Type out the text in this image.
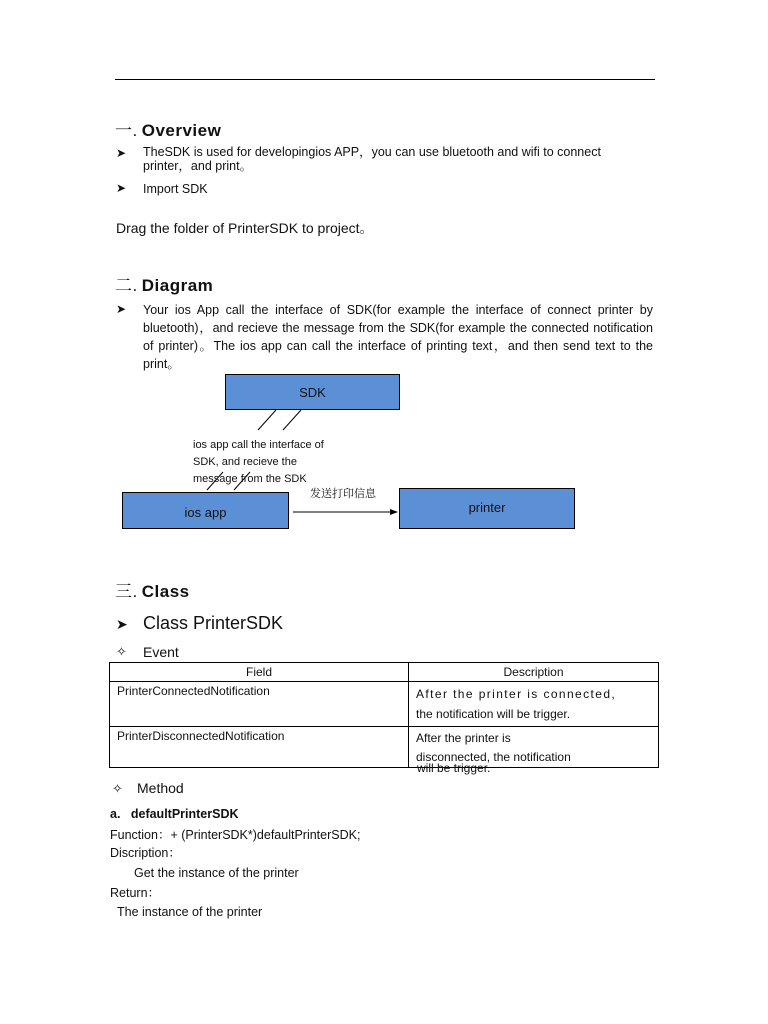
一. Overview
➤	TheSDK is used for developingios APP，you can use bluetooth and wifi to connect
printer，and print。
➤	Import SDK
Drag the folder of PrinterSDK to project。
二. Diagram
➤	Your ios App call the interface of SDK(for example the interface of connect printer by bluetooth)，and recieve the message from the SDK(for example the connected notification of printer)。The ios app can call the interface of printing text，and then send text to the print。
SDK
ios app	printer
ios app call the interface of
SDK, and recieve the
message from the SDK
发送打印信息
三. Class
➤ Class PrinterSDK
✧ Event
Field	Description
PrinterConnectedNotification	After the printer is connected,
the notification will be trigger.

PrinterDisconnectedNotification	After the printer is
disconnected, the notification
will be trigger.
✧ Method
a. defaultPrinterSDK
Function：+ (PrinterSDK*)defaultPrinterSDK;
Discription：
Get the instance of the printer
Return：
The instance of the printer
